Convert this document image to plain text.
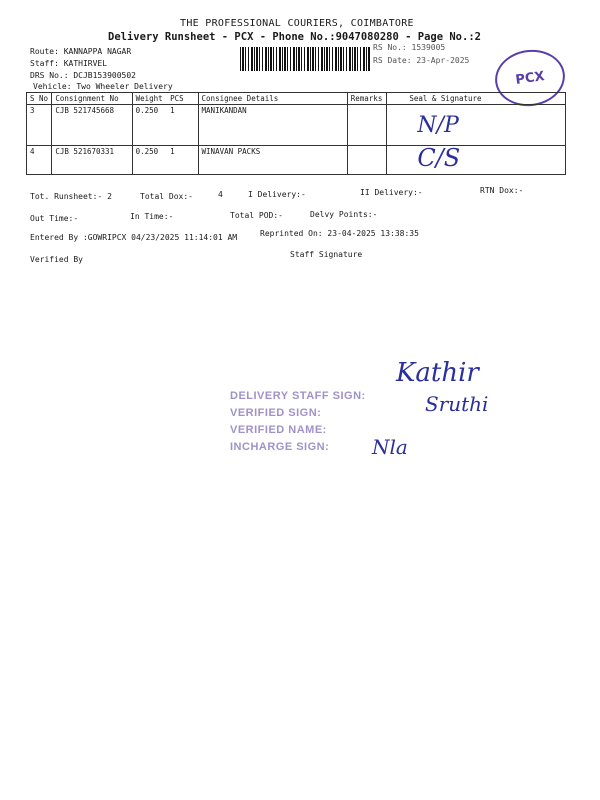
THE PROFESSIONAL COURIERS, COIMBATORE
Delivery Runsheet - PCX - Phone No.:9047080280 - Page No.:2
Route: KANNAPPA NAGAR
Staff: KATHIRVEL
DRS No.: DCJB153900502
Vehicle: Two Wheeler Delivery
RS No.: 1539005
RS Date: 23-Apr-2025
PCX
S No	Consignment No	Weight	PCS	Consignee Details	Remarks	Seal & Signature
3	CJB 521745668	0.250	1	MANIKANDAN		N/P

4	CJB 521670331	0.250	1	WINAVAN PACKS		C/S
Tot. Runsheet:- 2	Total Dox:-	4	I Delivery:-	II Delivery:-	RTN Dox:-
Out Time:-	In Time:-	Total POD:-	Delvy Points:-
Entered By :GOWRIPCX 04/23/2025 11:14:01 AM	Reprinted On: 23-04-2025 13:38:35
Verified By
Staff Signature
DELIVERY STAFF SIGN:
VERIFIED SIGN:
VERIFIED NAME:
INCHARGE SIGN:
Kathir
Sruthi
Nla
